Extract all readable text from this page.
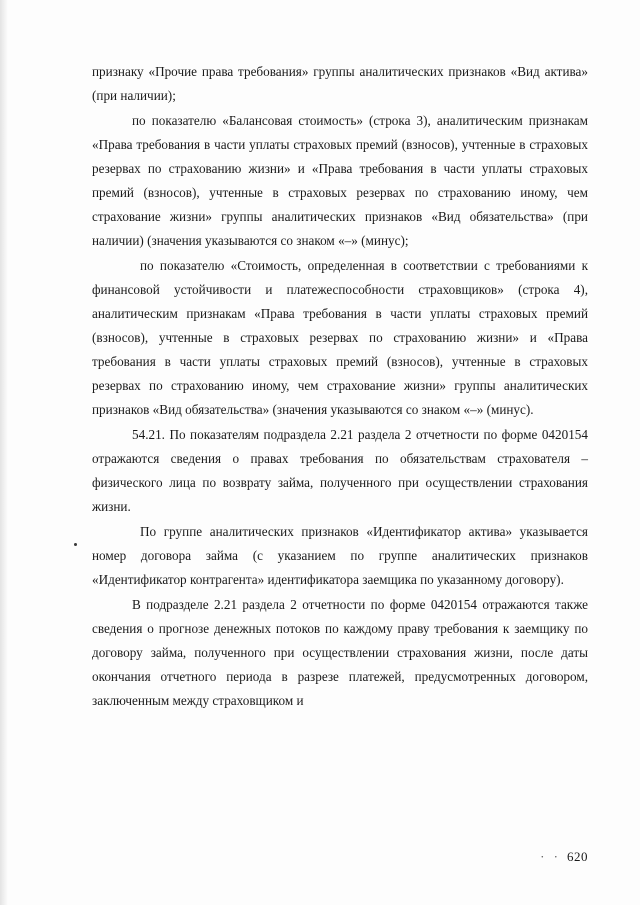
признаку «Прочие права требования» группы аналитических признаков «Вид актива» (при наличии);

по показателю «Балансовая стоимость» (строка 3), аналитическим признакам «Права требования в части уплаты страховых премий (взносов), учтенные в страховых резервах по страхованию жизни» и «Права требования в части уплаты страховых премий (взносов), учтенные в страховых резервах по страхованию иному, чем страхование жизни» группы аналитических признаков «Вид обязательства» (при наличии) (значения указываются со знаком «–» (минус);

по показателю «Стоимость, определенная в соответствии с требованиями к финансовой устойчивости и платежеспособности страховщиков» (строка 4), аналитическим признакам «Права требования в части уплаты страховых премий (взносов), учтенные в страховых резервах по страхованию жизни» и «Права требования в части уплаты страховых премий (взносов), учтенные в страховых резервах по страхованию иному, чем страхование жизни» группы аналитических признаков «Вид обязательства» (значения указываются со знаком «–» (минус).

54.21. По показателям подраздела 2.21 раздела 2 отчетности по форме 0420154 отражаются сведения о правах требования по обязательствам страхователя – физического лица по возврату займа, полученного при осуществлении страхования жизни.

По группе аналитических признаков «Идентификатор актива» указывается номер договора займа (с указанием по группе аналитических признаков «Идентификатор контрагента» идентификатора заемщика по указанному договору).

В подразделе 2.21 раздела 2 отчетности по форме 0420154 отражаются также сведения о прогнозе денежных потоков по каждому праву требования к заемщику по договору займа, полученного при осуществлении страхования жизни, после даты окончания отчетного периода в разрезе платежей, предусмотренных договором, заключенным между страховщиком и

· · 620
